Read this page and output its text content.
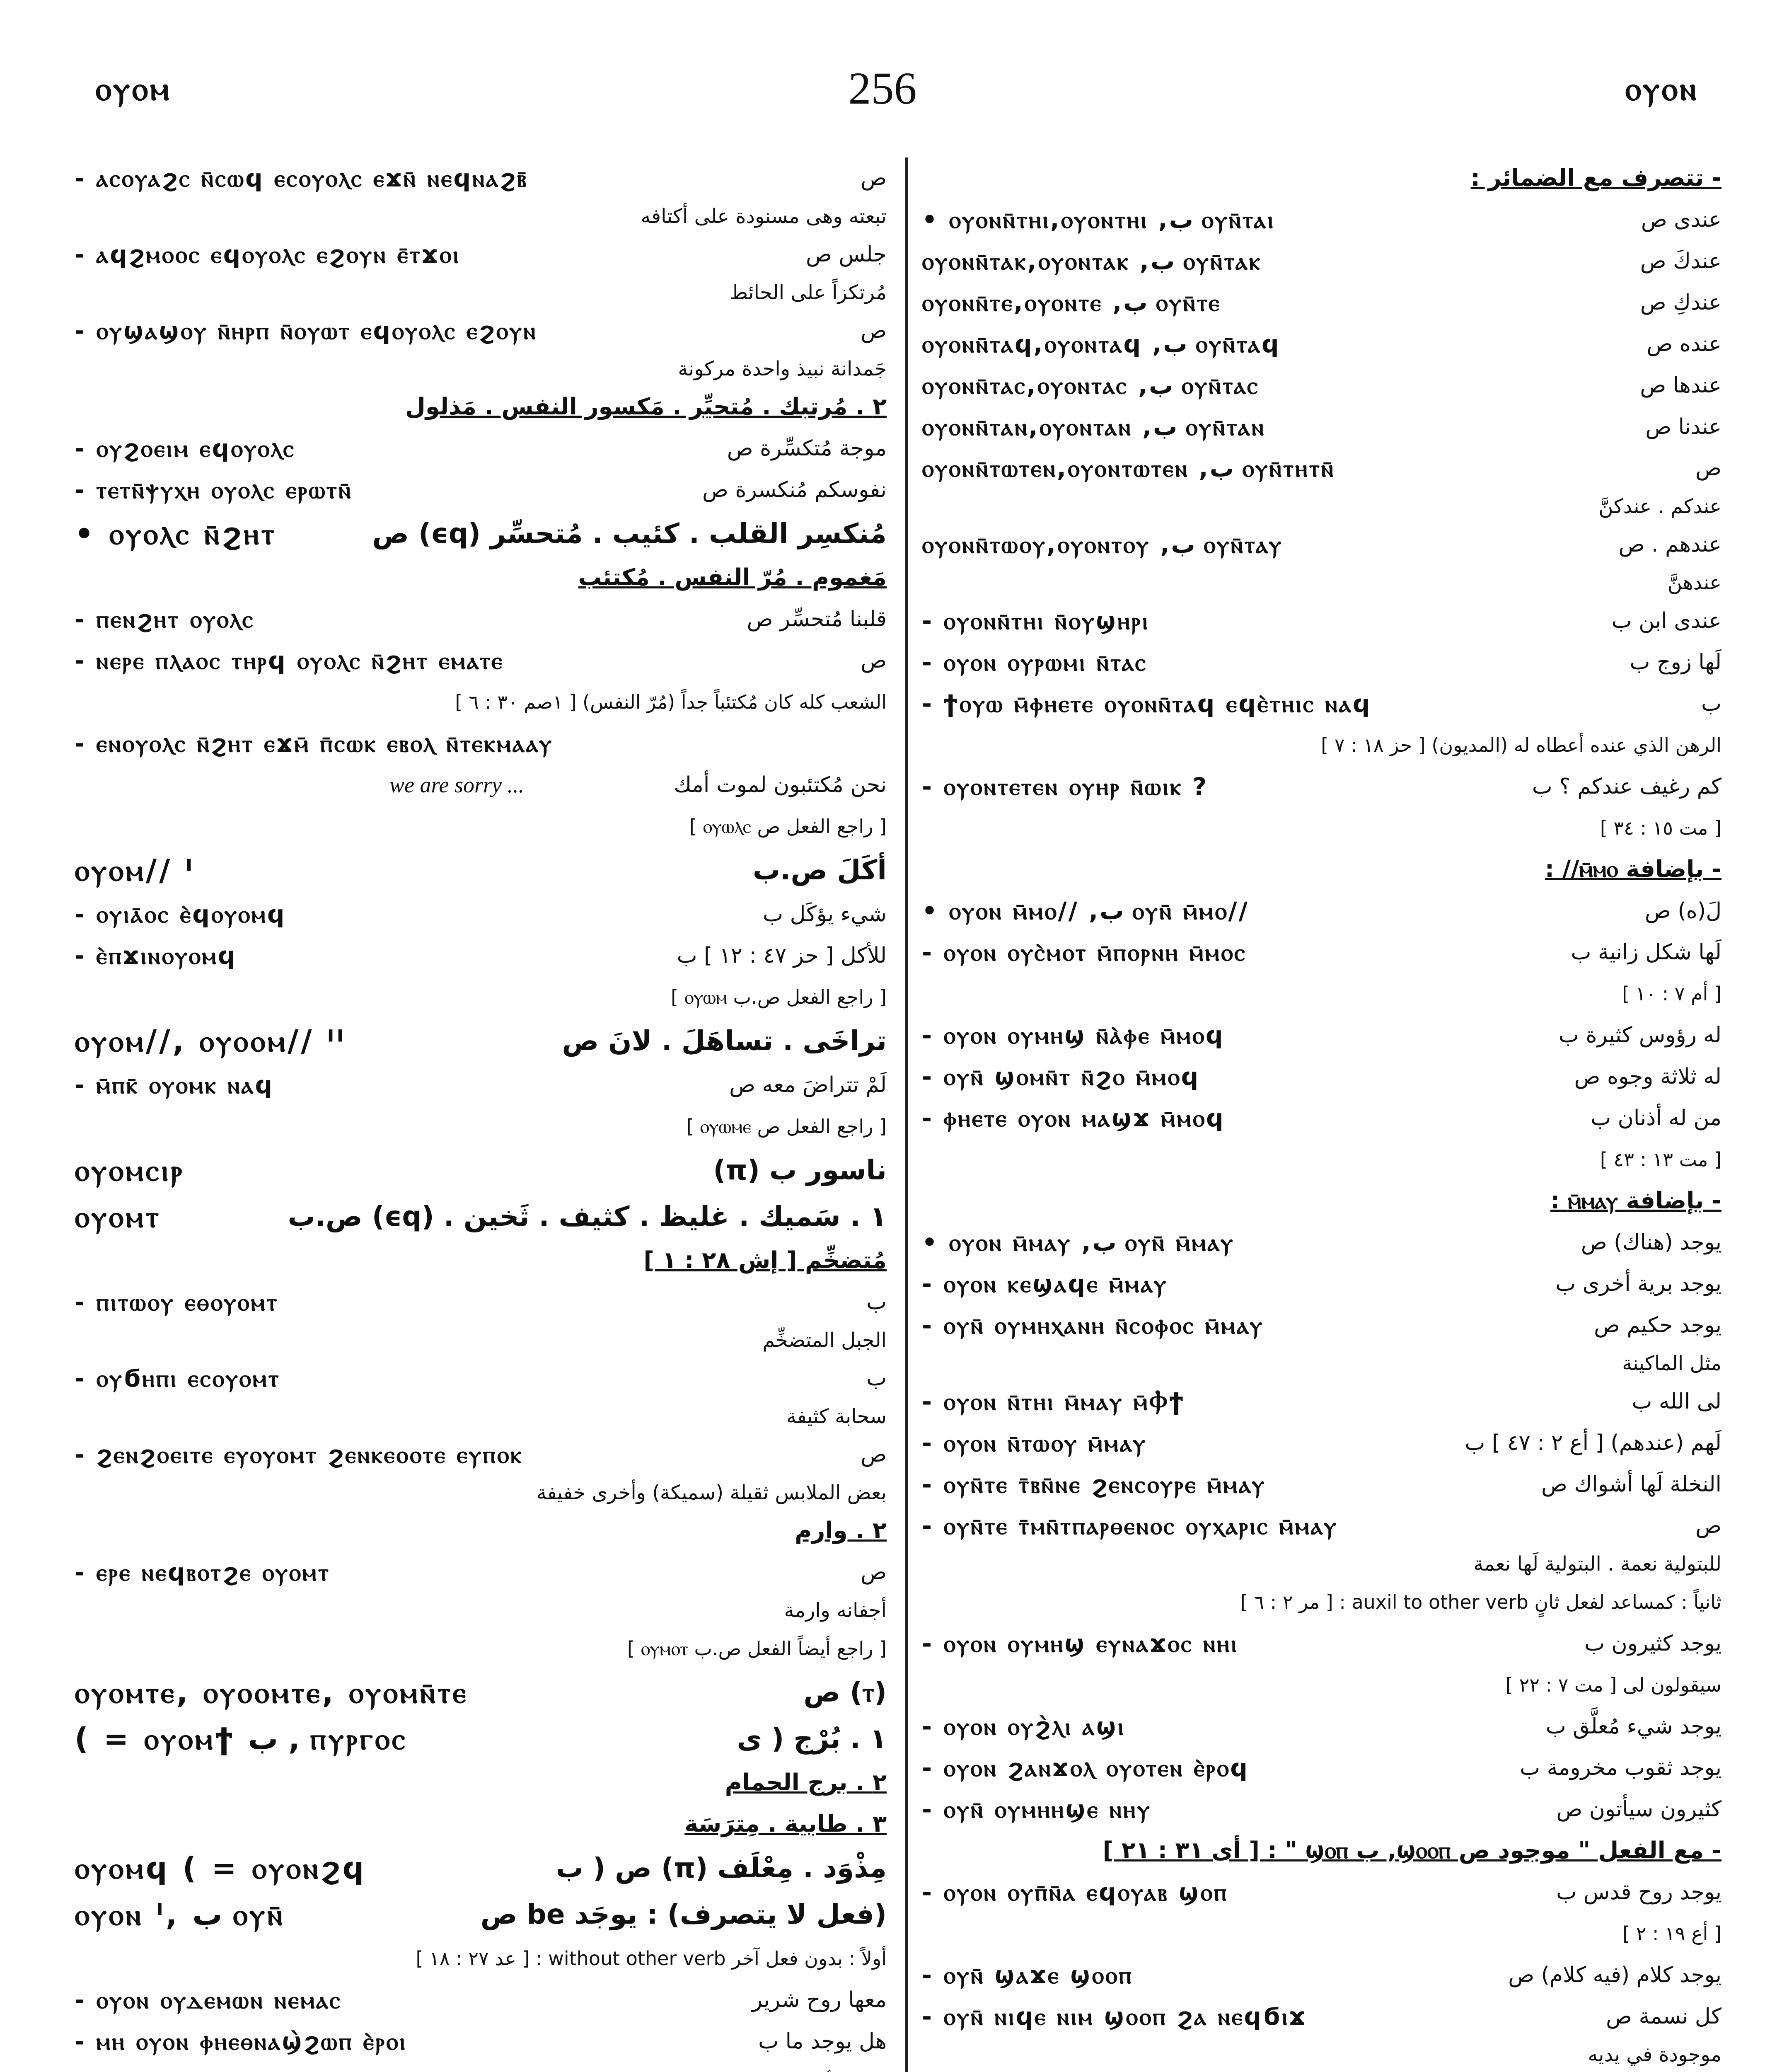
ⲟⲩⲟⲙ	256	ⲟⲩⲟⲛ
- ⲁⲥⲟⲩⲁϩⲥ ⲛ̄ⲥⲱϥ ⲉⲥⲟⲩⲟⲗⲥ ⲉϫⲛ̄ ⲛⲉϥⲛⲁϩⲃ̄	ص
تبعته وهى مسنودة على أكتافه
- ⲁϥϩⲙⲟⲟⲥ ⲉϥⲟⲩⲟⲗⲥ ⲉϩⲟⲩⲛ ⲉ̄ⲧϫⲟⲓ	جلس ص
مُرتكزاً على الحائط
- ⲟⲩϣⲁϣⲟⲩ ⲛ̄ⲏⲣⲡ ⲛ̄ⲟⲩⲱⲧ ⲉϥⲟⲩⲟⲗⲥ ⲉϩⲟⲩⲛ	ص
جَمدانة نبيذ واحدة مركونة
٢ . مُرتبك . مُتحيِّر . مَكسور النفس . مَذلول
- ⲟⲩϩⲟⲉⲓⲙ ⲉϥⲟⲩⲟⲗⲥ	موجة مُتكسِّرة ص
- ⲧⲉⲧⲛ̄ⲯⲩⲭⲏ ⲟⲩⲟⲗⲥ ⲉⲣⲱⲧⲛ̄	نفوسكم مُنكسرة ص
• ⲟⲩⲟⲗⲥ ⲛ̄ϩⲏⲧ	مُنكسِر القلب . كئيب . مُتحسِّر (ϵq) ص
مَغموم . مُرّ النفس . مُكتئب
- ⲡⲉⲛϩⲏⲧ ⲟⲩⲟⲗⲥ	قلبنا مُتحسِّر ص
- ⲛⲉⲣⲉ ⲡⲗⲁⲟⲥ ⲧⲏⲣϥ ⲟⲩⲟⲗⲥ ⲛ̄ϩⲏⲧ ⲉⲙⲁⲧⲉ	ص
الشعب كله كان مُكتئباً جداً (مُرّ النفس) [ ١صم ٣٠ : ٦ ]
- ⲉⲛⲟⲩⲟⲗⲥ ⲛ̄ϩⲏⲧ ⲉϫⲙ̄ ⲡ̄ⲥⲱⲕ ⲉⲃⲟⲗ ⲛ̄ⲧⲉⲕⲙⲁⲁⲩ
we are sorry ...	نحن مُكتئبون لموت أمك
[ راجع الفعل ص ⲟⲩⲱⲗⲥ ]
ⲟⲩⲟⲙ// ᴵ	أكَلَ ص.ب
- ⲟⲩⲓⲁ̄ⲟⲥ ⲉ̀ϥⲟⲩⲟⲙϥ	شيء يؤكَل ب
- ⲉ̀ⲡϫⲓⲛⲟⲩⲟⲙϥ	للأكل [ حز ٤٧ : ١٢ ] ب
[ راجع الفعل ص.ب ⲟⲩⲱⲙ ]
ⲟⲩⲟⲙ//, ⲟⲩⲟⲟⲙ// ᴵᴵ	تراخَى . تساهَلَ . لانَ ص
- ⲙ̄ⲡⲕ̄ ⲟⲩⲟⲙⲕ ⲛⲁϥ	لَمْ تتراضَ معه ص
[ راجع الفعل ص ⲟⲩⲱⲙⲉ ]
ⲟⲩⲟⲙⲥⲓⲣ	ناسور ب (π)
ⲟⲩⲟⲙⲧ	١ . سَميك . غليظ . كثيف . ثَخين . (ϵq) ص.ب
مُتضخِّم [ إش ٢٨ : ١ ]
- ⲡⲓⲧⲱⲟⲩ ⲉⲑⲟⲩⲟⲙⲧ	ب
الجبل المتضخِّم
- ⲟⲩϭⲏⲡⲓ ⲉⲥⲟⲩⲟⲙⲧ	ب
سحابة كثيفة
- ϩⲉⲛϩⲟⲉⲓⲧⲉ ⲉⲩⲟⲩⲟⲙⲧ ϩⲉⲛⲕⲉⲟⲟⲧⲉ ⲉⲩⲡⲟⲕ	ص
بعض الملابس ثقيلة (سميكة) وأخرى خفيفة
٢ . وارم
- ⲉⲣⲉ ⲛⲉϥⲃⲟⲧϩⲉ ⲟⲩⲟⲙⲧ	ص
أجفانه وارمة
[ راجع أيضاً الفعل ص.ب ⲟⲩⲙⲟⲧ ]
ⲟⲩⲟⲙⲧⲉ, ⲟⲩⲟⲟⲙⲧⲉ, ⲟⲩⲟⲙⲛ̄ⲧⲉ	(ⲧ) ص
( = ⲟⲩⲟⲙϯ ب , ⲡⲩⲣⲅⲟⲥ	١ . بُرْج ( ى
٢ . برج الحمام
٣ . طابية . مِترَسَة
ⲟⲩⲟⲙϥ ( = ⲟⲩⲟⲛϩϥ	مِذْوَد . مِعْلَف (π) ص ( ب
ⲟⲩⲟⲛ ᴵ, ب ⲟⲩⲛ̄	(فعل لا يتصرف) : يوجَد be ص
أولاً : بدون فعل آخر without other verb : [ عد ٢٧ : ١٨ ]
- ⲟⲩⲟⲛ ⲟⲩⲇⲉⲙⲱⲛ ⲛⲉⲙⲁⲥ	معها روح شرير
- ⲙⲏ ⲟⲩⲟⲛ ⲫⲏⲉⲑⲛⲁϣ̀ϩⲱⲡ ⲉ̀ⲣⲟⲓ	هل يوجد ما ب
- تتصرف مع الضمائر :
• ⲟⲩⲟⲛⲛ̄ⲧⲏⲓ,ⲟⲩⲟⲛⲧⲏⲓ ,ب ⲟⲩⲛ̄ⲧⲁⲓ	عندى ص
ⲟⲩⲟⲛⲛ̄ⲧⲁⲕ,ⲟⲩⲟⲛⲧⲁⲕ ,ب ⲟⲩⲛ̄ⲧⲁⲕ	عندكَ ص
ⲟⲩⲟⲛⲛ̄ⲧⲉ,ⲟⲩⲟⲛⲧⲉ ,ب ⲟⲩⲛ̄ⲧⲉ	عندكِ ص
ⲟⲩⲟⲛⲛ̄ⲧⲁϥ,ⲟⲩⲟⲛⲧⲁϥ ,ب ⲟⲩⲛ̄ⲧⲁϥ	عنده ص
ⲟⲩⲟⲛⲛ̄ⲧⲁⲥ,ⲟⲩⲟⲛⲧⲁⲥ ,ب ⲟⲩⲛ̄ⲧⲁⲥ	عندها ص
ⲟⲩⲟⲛⲛ̄ⲧⲁⲛ,ⲟⲩⲟⲛⲧⲁⲛ ,ب ⲟⲩⲛ̄ⲧⲁⲛ	عندنا ص
ⲟⲩⲟⲛⲛ̄ⲧⲱⲧⲉⲛ,ⲟⲩⲟⲛⲧⲱⲧⲉⲛ ,ب ⲟⲩⲛ̄ⲧⲏⲧⲛ̄	ص
عندكم . عندكنَّ
ⲟⲩⲟⲛⲛ̄ⲧⲱⲟⲩ,ⲟⲩⲟⲛⲧⲟⲩ ,ب ⲟⲩⲛ̄ⲧⲁⲩ	عندهم . ص
عندهنَّ
- ⲟⲩⲟⲛⲛ̄ⲧⲏⲓ ⲛ̄ⲟⲩϣⲏⲣⲓ	عندى ابن ب
- ⲟⲩⲟⲛ ⲟⲩⲣⲱⲙⲓ ⲛ̄ⲧⲁⲥ	لَها زوج ب
- ϯⲟⲩⲱ ⲙ̄ⲫⲏⲉⲧⲉ ⲟⲩⲟⲛⲛ̄ⲧⲁϥ ⲉϥⲉ̀ⲧⲏⲓⲥ ⲛⲁϥ	ب
الرهن الذي عنده أعطاه له (المديون) [ حز ١٨ : ٧ ]
- ⲟⲩⲟⲛⲧⲉⲧⲉⲛ ⲟⲩⲏⲣ ⲛ̄ⲱⲓⲕ ?	كم رغيف عندكم ؟ ب
[ مت ١٥ : ٣٤ ]
- بإضافة ⲙ̄ⲙⲟ// :
• ⲟⲩⲟⲛ ⲙ̄ⲙⲟ// ,ب ⲟⲩⲛ̄ ⲙ̄ⲙⲟ//	لَ(ه) ص
- ⲟⲩⲟⲛ ⲟⲩⲥ̀ⲙⲟⲧ ⲙ̄ⲡⲟⲣⲛⲏ ⲙ̄ⲙⲟⲥ	لَها شكل زانية ب
[ أم ٧ : ١٠ ]
- ⲟⲩⲟⲛ ⲟⲩⲙⲏϣ ⲛ̄ⲁ̀ⲫⲉ ⲙ̄ⲙⲟϥ	له رؤوس كثيرة ب
- ⲟⲩⲛ̄ ϣⲟⲙⲛ̄ⲧ ⲛ̄ϩⲟ ⲙ̄ⲙⲟϥ	له ثلاثة وجوه ص
- ⲫⲏⲉⲧⲉ ⲟⲩⲟⲛ ⲙⲁϣϫ ⲙ̄ⲙⲟϥ	من له أذنان ب
[ مت ١٣ : ٤٣ ]
- بإضافة ⲙ̄ⲙⲁⲩ :
• ⲟⲩⲟⲛ ⲙ̄ⲙⲁⲩ ,ب ⲟⲩⲛ̄ ⲙ̄ⲙⲁⲩ	يوجد (هناك) ص
- ⲟⲩⲟⲛ ⲕⲉϣⲁϥⲉ ⲙ̄ⲙⲁⲩ	يوجد برية أخرى ب
- ⲟⲩⲛ̄ ⲟⲩⲙⲏⲭⲁⲛⲏ ⲛ̄ⲥⲟⲫⲟⲥ ⲙ̄ⲙⲁⲩ	يوجد حكيم ص
مثل الماكينة
- ⲟⲩⲟⲛ ⲛ̄ⲧⲏⲓ ⲙ̄ⲙⲁⲩ ⲙ̄Ⲫϯ	لى الله ب
- ⲟⲩⲟⲛ ⲛ̄ⲧⲱⲟⲩ ⲙ̄ⲙⲁⲩ	لَهم (عندهم) [ أع ٢ : ٤٧ ] ب
- ⲟⲩⲛ̄ⲧⲉ ⲧ̄ⲃⲛ̄ⲛⲉ ϩⲉⲛⲥⲟⲩⲣⲉ ⲙ̄ⲙⲁⲩ	النخلة لَها أشواك ص
- ⲟⲩⲛ̄ⲧⲉ ⲧ̄ⲙⲛ̄ⲧⲡⲁⲣⲑⲉⲛⲟⲥ ⲟⲩⲭⲁⲣⲓⲥ ⲙ̄ⲙⲁⲩ	ص
للبتولية نعمة . البتولية لَها نعمة
ثانياً : كمساعد لفعل ثانٍ auxil to other verb : [ مر ٢ : ٦ ]
- ⲟⲩⲟⲛ ⲟⲩⲙⲏϣ ⲉⲩⲛⲁϫⲟⲥ ⲛⲏⲓ	يوجد كثيرون ب
سيقولون لى [ مت ٧ : ٢٢ ]
- ⲟⲩⲟⲛ ⲟⲩϩ̀ⲗⲓ ⲁϣⲓ	يوجد شيء مُعلَّق ب
- ⲟⲩⲟⲛ ϩⲁⲛϫⲟⲗ ⲟⲩⲟⲧⲉⲛ ⲉ̀ⲣⲟϥ	يوجد ثقوب مخرومة ب
- ⲟⲩⲛ̄ ⲟⲩⲙⲏⲏϣⲉ ⲛⲏⲩ	كثيرون سيأتون ص
- مع الفعل " موجود ص ϣⲟⲟⲡ, ب ϣⲟⲡ " : [ أى ٣١ : ٢١ ]
- ⲟⲩⲟⲛ ⲟⲩⲡ̄ⲛ̄ⲁ ⲉϥⲟⲩⲁⲃ ϣⲟⲡ	يوجد روح قدس ب
[ أع ١٩ : ٢ ]
- ⲟⲩⲛ̄ ϣⲁϫⲉ ϣⲟⲟⲡ	يوجد كلام (فيه كلام) ص
- ⲟⲩⲛ̄ ⲛⲓϥⲉ ⲛⲓⲙ ϣⲟⲟⲡ ϩⲁ ⲛⲉϥϭⲓϫ	كل نسمة ص
موجودة في يديه
